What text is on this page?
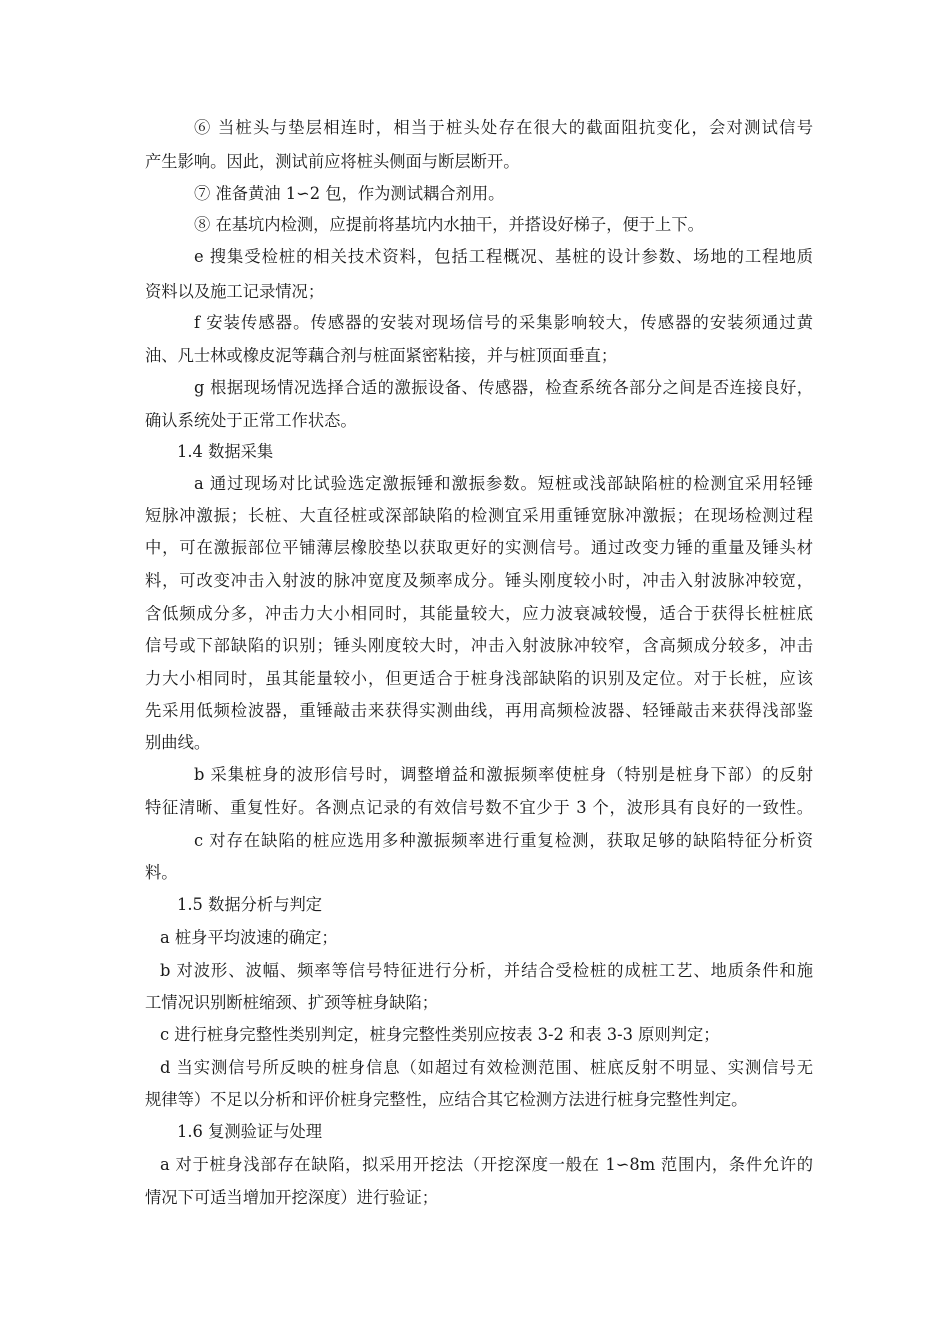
⑥ 当桩头与垫层相连时，相当于桩头处存在很大的截面阻抗变化，会对测试信号
产生影响。因此，测试前应将桩头侧面与断层断开。
⑦ 准备黄油 1∽2 包，作为测试耦合剂用。
⑧ 在基坑内检测，应提前将基坑内水抽干，并搭设好梯子，便于上下。
e 搜集受检桩的相关技术资料，包括工程概况、基桩的设计参数、场地的工程地质
资料以及施工记录情况；
f 安装传感器。传感器的安装对现场信号的采集影响较大，传感器的安装须通过黄
油、凡士林或橡皮泥等藕合剂与桩面紧密粘接，并与桩顶面垂直；
g 根据现场情况选择合适的激振设备、传感器，检查系统各部分之间是否连接良好，
确认系统处于正常工作状态。
1.4 数据采集
a 通过现场对比试验选定激振锤和激振参数。短桩或浅部缺陷桩的检测宜采用轻锤
短脉冲激振；长桩、大直径桩或深部缺陷的检测宜采用重锤宽脉冲激振；在现场检测过程
中，可在激振部位平铺薄层橡胶垫以获取更好的实测信号。通过改变力锤的重量及锤头材
料，可改变冲击入射波的脉冲宽度及频率成分。锤头刚度较小时，冲击入射波脉冲较宽，
含低频成分多，冲击力大小相同时，其能量较大，应力波衰减较慢，适合于获得长桩桩底
信号或下部缺陷的识别；锤头刚度较大时，冲击入射波脉冲较窄，含高频成分较多，冲击
力大小相同时，虽其能量较小，但更适合于桩身浅部缺陷的识别及定位。对于长桩，应该
先采用低频检波器，重锤敲击来获得实测曲线，再用高频检波器、轻锤敲击来获得浅部鉴
别曲线。
b 采集桩身的波形信号时，调整增益和激振频率使桩身（特别是桩身下部）的反射
特征清晰、重复性好。各测点记录的有效信号数不宜少于 3 个，波形具有良好的一致性。
c 对存在缺陷的桩应选用多种激振频率进行重复检测，获取足够的缺陷特征分析资
料。
1.5 数据分析与判定
a 桩身平均波速的确定；
b 对波形、波幅、频率等信号特征进行分析，并结合受检桩的成桩工艺、地质条件和施
工情况识别断桩缩颈、扩颈等桩身缺陷；
c 进行桩身完整性类别判定，桩身完整性类别应按表 3-2 和表 3-3 原则判定；
d 当实测信号所反映的桩身信息（如超过有效检测范围、桩底反射不明显、实测信号无
规律等）不足以分析和评价桩身完整性，应结合其它检测方法进行桩身完整性判定。
1.6 复测验证与处理
a 对于桩身浅部存在缺陷，拟采用开挖法（开挖深度一般在 1∽8m 范围内，条件允许的
情况下可适当增加开挖深度）进行验证；
